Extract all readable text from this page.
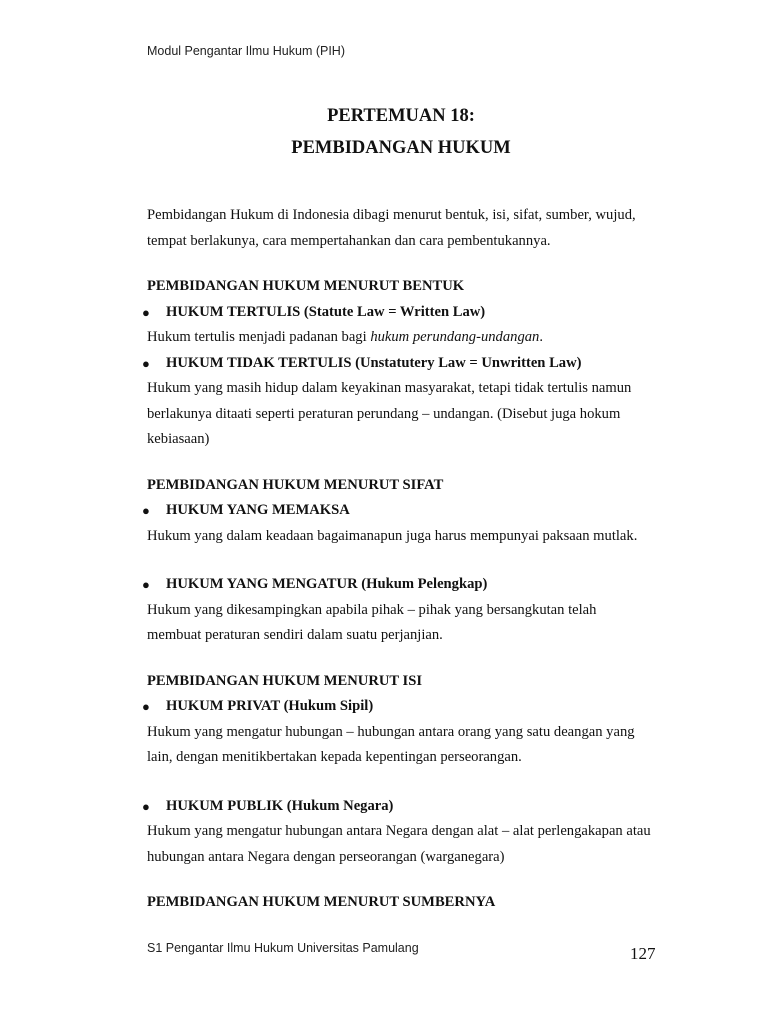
Modul Pengantar Ilmu Hukum (PIH)
PERTEMUAN 18:
PEMBIDANGAN HUKUM

Pembidangan Hukum di Indonesia dibagi menurut bentuk, isi, sifat, sumber, wujud, tempat berlakunya, cara mempertahankan dan cara pembentukannya.

PEMBIDANGAN HUKUM MENURUT BENTUK

● HUKUM TERTULIS (Statute Law = Written Law)

Hukum tertulis menjadi padanan bagi hukum perundang-undangan.

● HUKUM TIDAK TERTULIS (Unstatutery Law = Unwritten Law)

Hukum yang masih hidup dalam keyakinan masyarakat, tetapi tidak tertulis namun berlakunya ditaati seperti peraturan perundang – undangan. (Disebut juga hokum kebiasaan)

PEMBIDANGAN HUKUM MENURUT SIFAT

● HUKUM YANG MEMAKSA

Hukum yang dalam keadaan bagaimanapun juga harus mempunyai paksaan mutlak.

● HUKUM YANG MENGATUR (Hukum Pelengkap)

Hukum yang dikesampingkan apabila pihak – pihak yang bersangkutan telah membuat peraturan sendiri dalam suatu perjanjian.

PEMBIDANGAN HUKUM MENURUT ISI

● HUKUM PRIVAT (Hukum Sipil)

Hukum yang mengatur hubungan – hubungan antara orang yang satu deangan yang lain, dengan menitikbertakan kepada kepentingan perseorangan.

● HUKUM PUBLIK (Hukum Negara)

Hukum yang mengatur hubungan antara Negara dengan alat – alat perlengakapan atau hubungan antara Negara dengan perseorangan (warganegara)

PEMBIDANGAN HUKUM MENURUT SUMBERNYA

S1 Pengantar Ilmu Hukum Universitas Pamulang	127
